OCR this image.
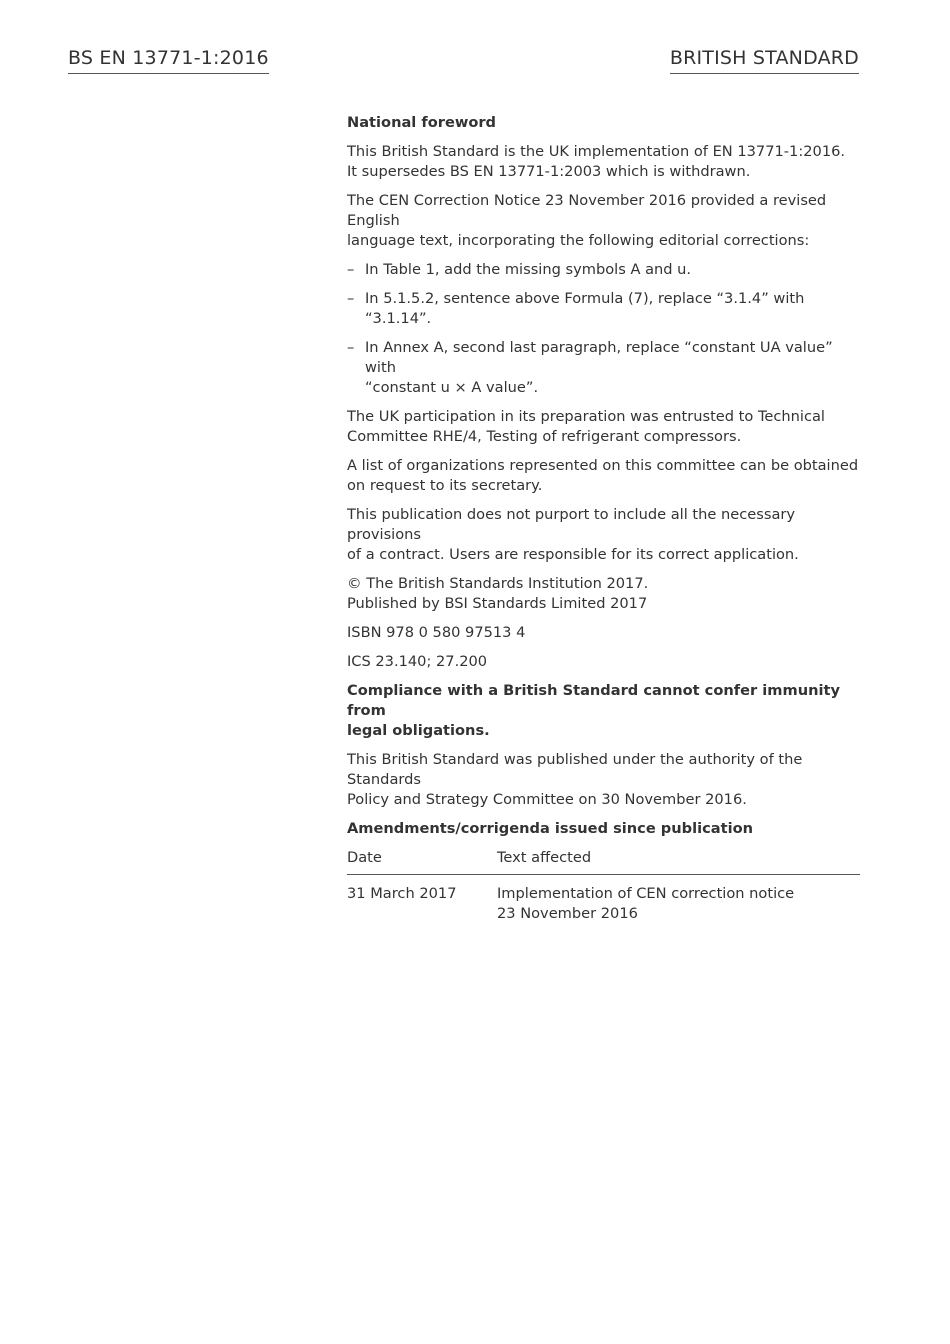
BS EN 13771-1:2016	BRITISH STANDARD
National foreword

This British Standard is the UK implementation of EN 13771-1:2016.
It supersedes BS EN 13771-1:2003 which is withdrawn.

The CEN Correction Notice 23 November 2016 provided a revised English
language text, incorporating the following editorial corrections:

– In Table 1, add the missing symbols A and u.
– In 5.1.5.2, sentence above Formula (7), replace “3.1.4” with “3.1.14”.
– In Annex A, second last paragraph, replace “constant UA value” with
“constant u × A value”.

The UK participation in its preparation was entrusted to Technical
Committee RHE/4, Testing of refrigerant compressors.

A list of organizations represented on this committee can be obtained
on request to its secretary.

This publication does not purport to include all the necessary provisions
of a contract. Users are responsible for its correct application.

© The British Standards Institution 2017.
Published by BSI Standards Limited 2017

ISBN 978 0 580 97513 4

ICS 23.140; 27.200

Compliance with a British Standard cannot confer immunity from
legal obligations.

This British Standard was published under the authority of the Standards
Policy and Strategy Committee on 30 November 2016.

Amendments/corrigenda issued since publication
Date	Text affected
31 March 2017	Implementation of CEN correction notice
23 November 2016
